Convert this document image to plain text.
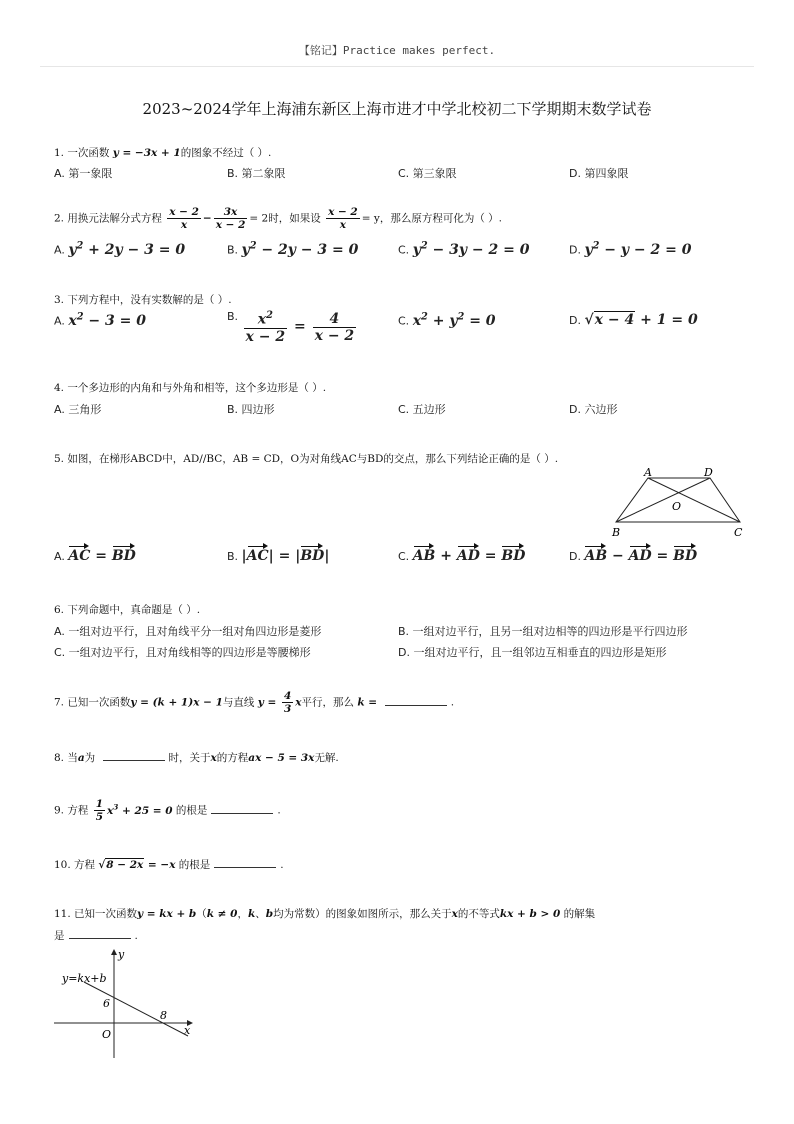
【铭记】Practice makes perfect.
2023~2024学年上海浦东新区上海市进才中学北校初二下学期期末数学试卷
1. 一次函数 y = −3x + 1的图象不经过（ ）.
A. 第一象限	B. 第二象限	C. 第三象限	D. 第四象限
2. 用换元法解分式方程 $\frac{x - 2}{x} - \frac{3x}{x - 2} = 2$时，如果设 $\frac{x - 2}{x} = y$，那么原方程可化为（ ）.
A. $y^2 + 2y - 3 = 0$	B. $y^2 - 2y - 3 = 0$	C. $y^2 - 3y - 2 = 0$	D. $y^2 - y - 2 = 0$
3. 下列方程中，没有实数解的是（ ）.
A. $x^2 - 3 = 0$	B. $\frac{x^2}{x - 2} = \frac{4}{x - 2}$	C. $x^2 + y^2 = 0$	D. √x − 4 + 1 = 0
4. 一个多边形的内角和与外角和相等，这个多边形是（ ）.
A. 三角形	B. 四边形	C. 五边形	D. 六边形
5. 如图，在梯形ABCD中，AD//BC，AB = CD，O为对角线AC与BD的交点，那么下列结论正确的是（ ）.
A	D
O
B	C
A. AC = BD	B. |AC| = |BD|	C. AB + AD = BD	D. AB − AD = BD
6. 下列命题中，真命题是（ ）.
A. 一组对边平行，且对角线平分一组对角四边形是菱形	B. 一组对边平行，且另一组对边相等的四边形是平行四边形
C. 一组对边平行，且对角线相等的四边形是等腰梯形	D. 一组对边平行，且一组邻边互相垂直的四边形是矩形
7. 已知一次函数y = (k + 1)x − 1与直线 $y = \frac{4}{3}$ x平行，那么 k =	.
8. 当a为	时，关于x的方程ax − 5 = 3x无解.
9. 方程 $\frac{1}{5} x^3 + 25 = 0$ 的根是	.
10. 方程 √8 − 2x = −x 的根是	.
11. 已知一次函数y = kx + b（k ≠ 0，k、b均为常数）的图象如图所示，那么关于x的不等式kx + b > 0 的解集
是	.
y
x
y=kx+b
6
8
O
